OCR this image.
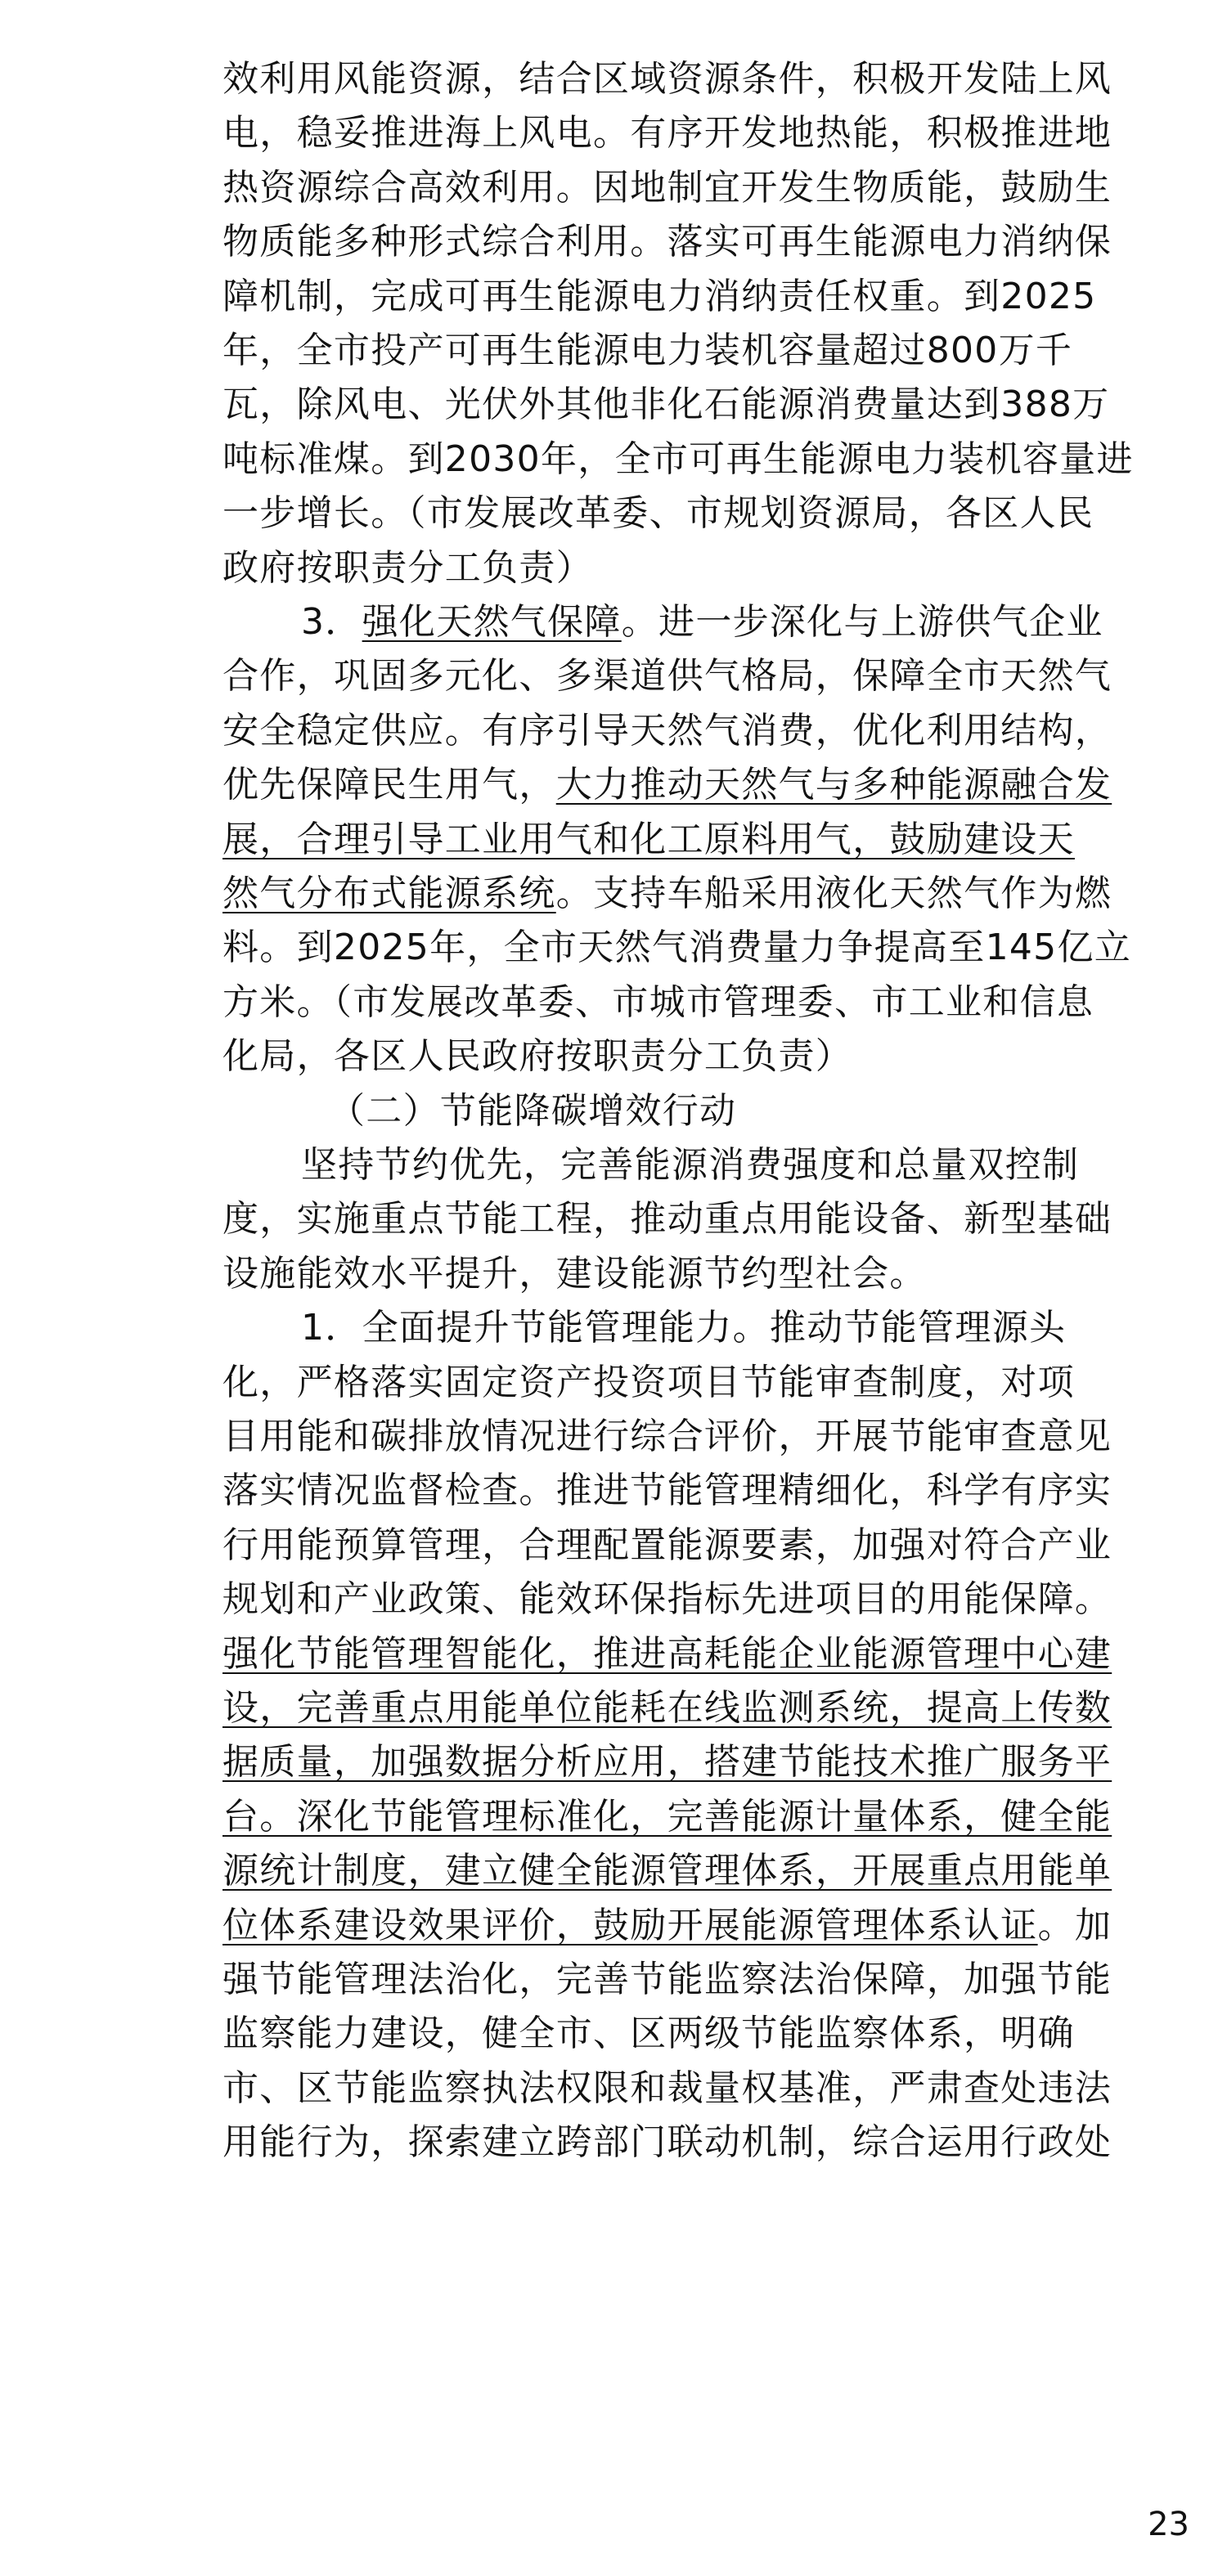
效利用风能资源，结合区域资源条件，积极开发陆上风
电，稳妥推进海上风电。有序开发地热能，积极推进地
热资源综合高效利用。因地制宜开发生物质能，鼓励生
物质能多种形式综合利用。落实可再生能源电力消纳保
障机制，完成可再生能源电力消纳责任权重。到2025
年，全市投产可再生能源电力装机容量超过800万千
瓦，除风电、光伏外其他非化石能源消费量达到388万
吨标准煤。到2030年，全市可再生能源电力装机容量进
一步增长。（市发展改革委、市规划资源局，各区人民
政府按职责分工负责）
3．强化天然气保障。进一步深化与上游供气企业
合作，巩固多元化、多渠道供气格局，保障全市天然气
安全稳定供应。有序引导天然气消费，优化利用结构，
优先保障民生用气，大力推动天然气与多种能源融合发
展，合理引导工业用气和化工原料用气，鼓励建设天
然气分布式能源系统。支持车船采用液化天然气作为燃
料。到2025年，全市天然气消费量力争提高至145亿立
方米。（市发展改革委、市城市管理委、市工业和信息
化局，各区人民政府按职责分工负责）
（二）节能降碳增效行动
坚持节约优先，完善能源消费强度和总量双控制
度，实施重点节能工程，推动重点用能设备、新型基础
设施能效水平提升，建设能源节约型社会。
1．全面提升节能管理能力。推动节能管理源头
化，严格落实固定资产投资项目节能审查制度，对项
目用能和碳排放情况进行综合评价，开展节能审查意见
落实情况监督检查。推进节能管理精细化，科学有序实
行用能预算管理，合理配置能源要素，加强对符合产业
规划和产业政策、能效环保指标先进项目的用能保障。
强化节能管理智能化，推进高耗能企业能源管理中心建
设，完善重点用能单位能耗在线监测系统，提高上传数
据质量，加强数据分析应用，搭建节能技术推广服务平
台。深化节能管理标准化，完善能源计量体系，健全能
源统计制度，建立健全能源管理体系，开展重点用能单
位体系建设效果评价，鼓励开展能源管理体系认证。加
强节能管理法治化，完善节能监察法治保障，加强节能
监察能力建设，健全市、区两级节能监察体系，明确
市、区节能监察执法权限和裁量权基准，严肃查处违法
用能行为，探索建立跨部门联动机制，综合运用行政处
23
